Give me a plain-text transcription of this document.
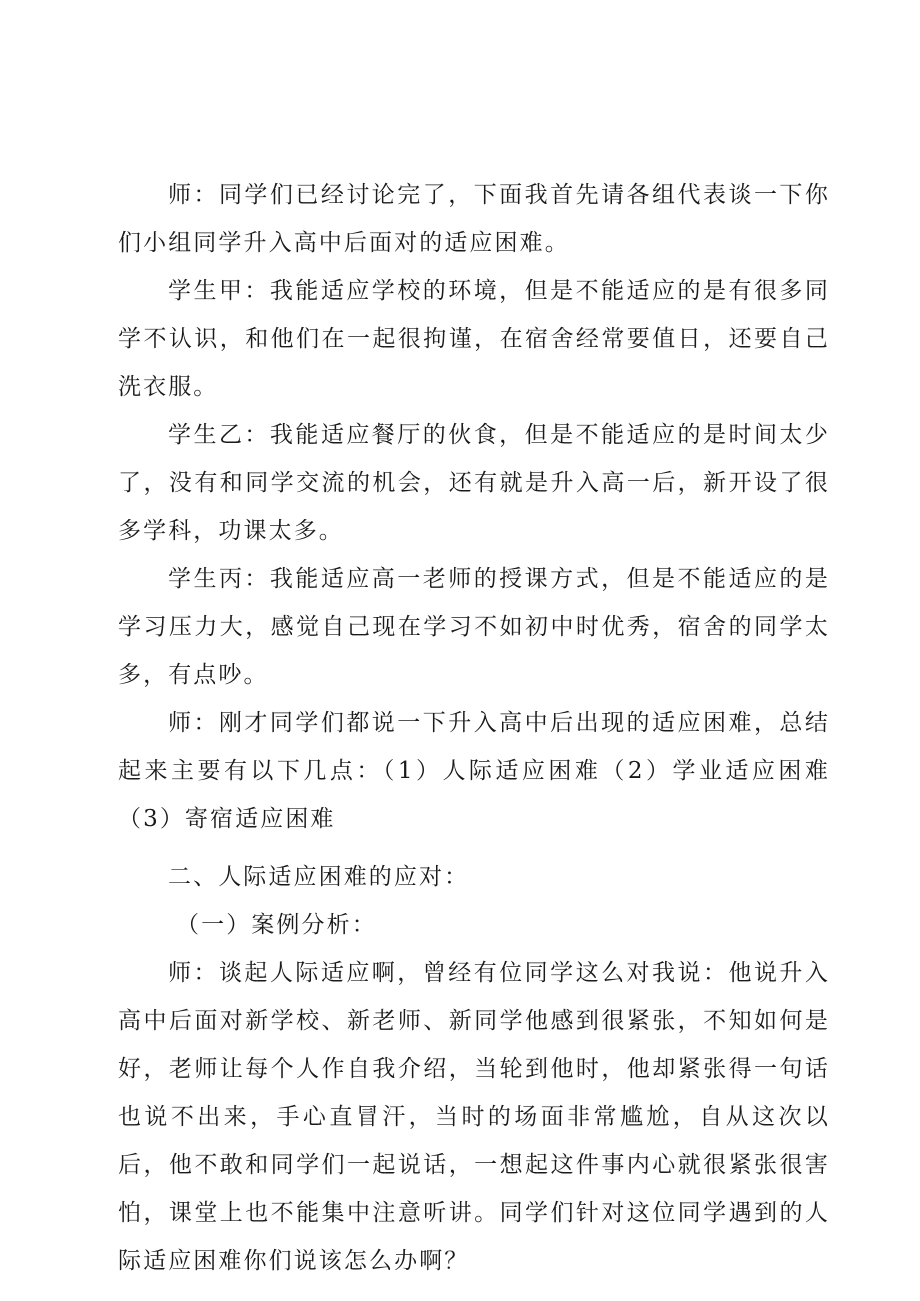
师：同学们已经讨论完了，下面我首先请各组代表谈一下你们小组同学升入高中后面对的适应困难。

学生甲：我能适应学校的环境，但是不能适应的是有很多同学不认识，和他们在一起很拘谨，在宿舍经常要值日，还要自己洗衣服。

学生乙：我能适应餐厅的伙食，但是不能适应的是时间太少了，没有和同学交流的机会，还有就是升入高一后，新开设了很多学科，功课太多。

学生丙：我能适应高一老师的授课方式，但是不能适应的是学习压力大，感觉自己现在学习不如初中时优秀，宿舍的同学太多，有点吵。

师：刚才同学们都说一下升入高中后出现的适应困难，总结起来主要有以下几点：（1）人际适应困难（2）学业适应困难（3）寄宿适应困难

二、人际适应困难的应对：

（一）案例分析：

师：谈起人际适应啊，曾经有位同学这么对我说：他说升入高中后面对新学校、新老师、新同学他感到很紧张，不知如何是好，老师让每个人作自我介绍，当轮到他时，他却紧张得一句话也说不出来，手心直冒汗，当时的场面非常尴尬，自从这次以后，他不敢和同学们一起说话，一想起这件事内心就很紧张很害怕，课堂上也不能集中注意听讲。同学们针对这位同学遇到的人际适应困难你们说该怎么办啊？
